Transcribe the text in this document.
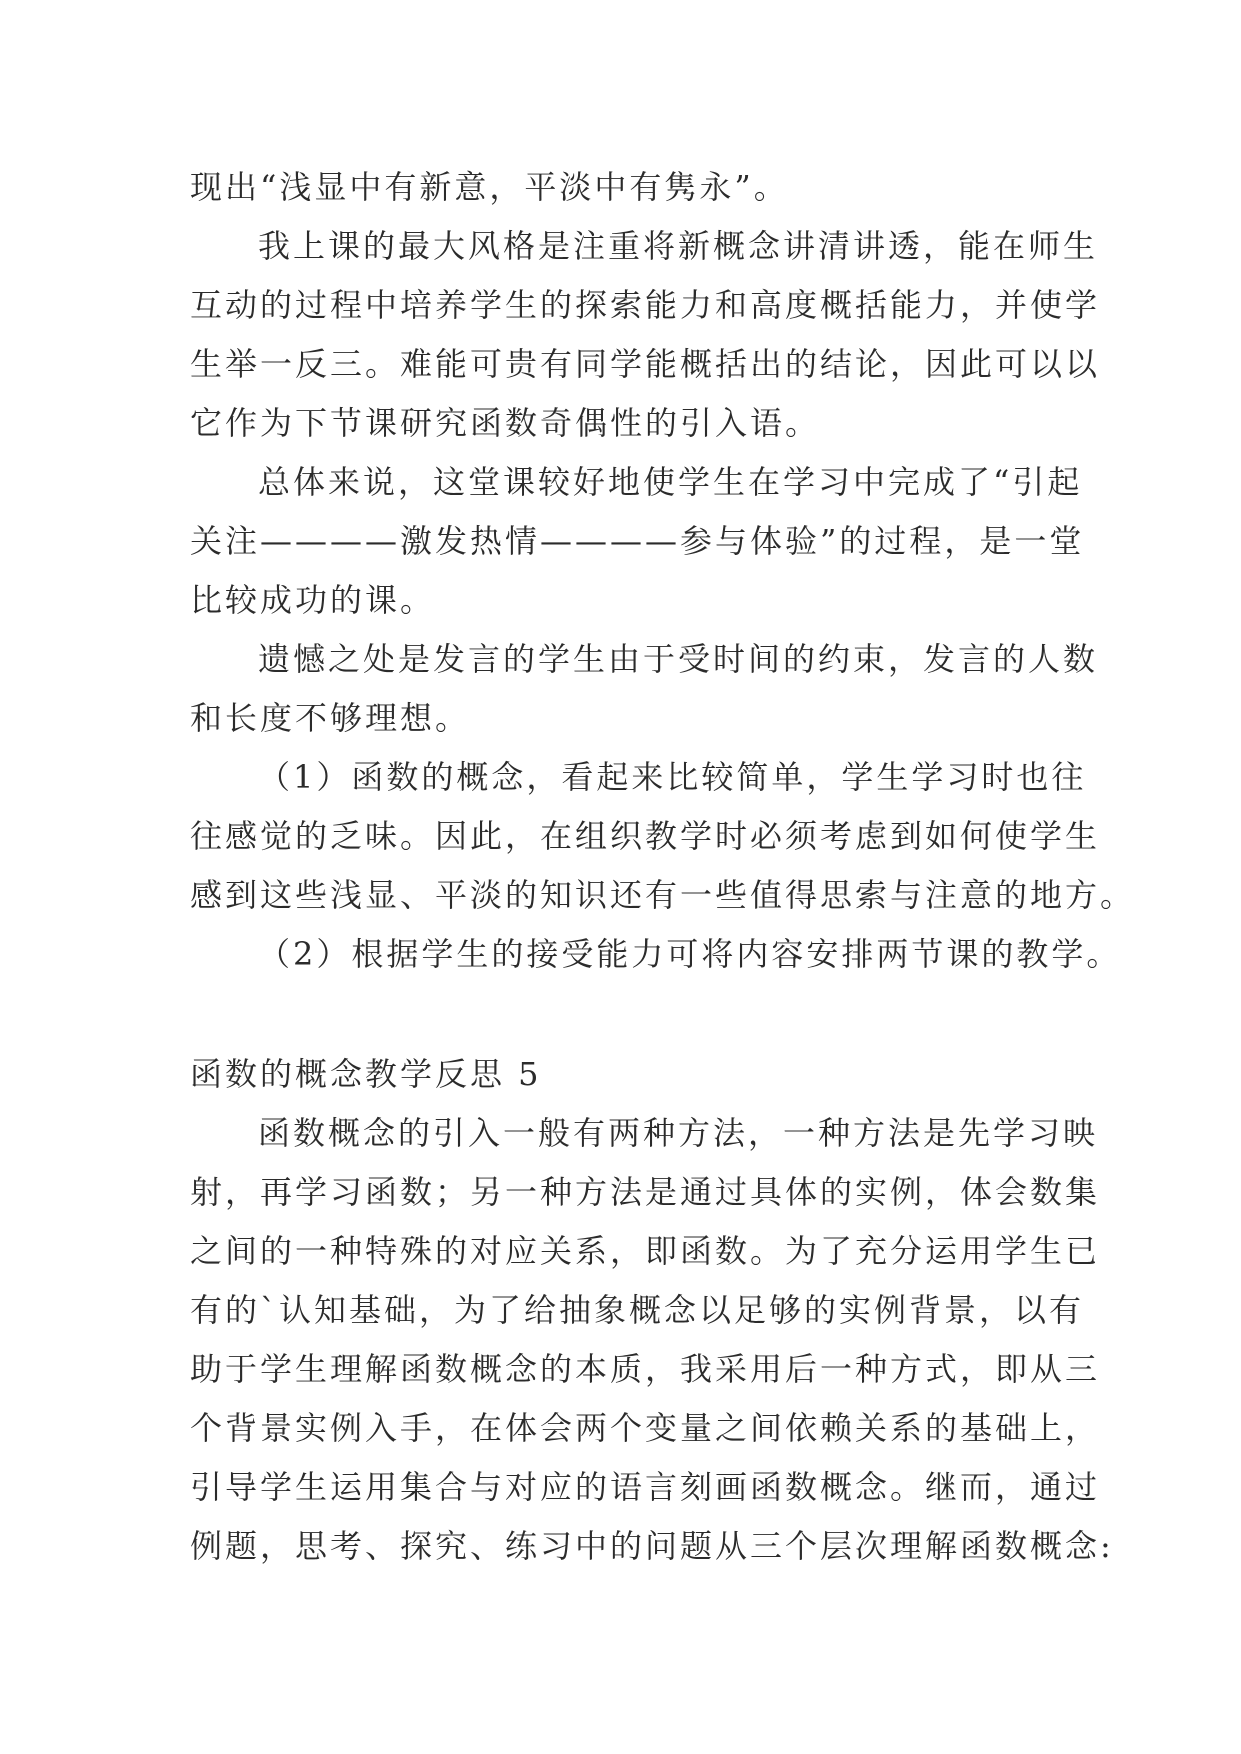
现出“浅显中有新意，平淡中有隽永”。
我上课的最大风格是注重将新概念讲清讲透，能在师生
互动的过程中培养学生的探索能力和高度概括能力，并使学
生举一反三。难能可贵有同学能概括出的结论，因此可以以
它作为下节课研究函数奇偶性的引入语。
总体来说，这堂课较好地使学生在学习中完成了“引起
关注————激发热情————参与体验”的过程，是一堂
比较成功的课。
遗憾之处是发言的学生由于受时间的约束，发言的人数
和长度不够理想。
（1）函数的概念，看起来比较简单，学生学习时也往
往感觉的乏味。因此，在组织教学时必须考虑到如何使学生
感到这些浅显、平淡的知识还有一些值得思索与注意的地方。
（2）根据学生的接受能力可将内容安排两节课的教学。
函数的概念教学反思 5
函数概念的引入一般有两种方法，一种方法是先学习映
射，再学习函数；另一种方法是通过具体的实例，体会数集
之间的一种特殊的对应关系，即函数。为了充分运用学生已
有的`认知基础，为了给抽象概念以足够的实例背景，以有
助于学生理解函数概念的本质，我采用后一种方式，即从三
个背景实例入手，在体会两个变量之间依赖关系的基础上，
引导学生运用集合与对应的语言刻画函数概念。继而，通过
例题，思考、探究、练习中的问题从三个层次理解函数概念:
